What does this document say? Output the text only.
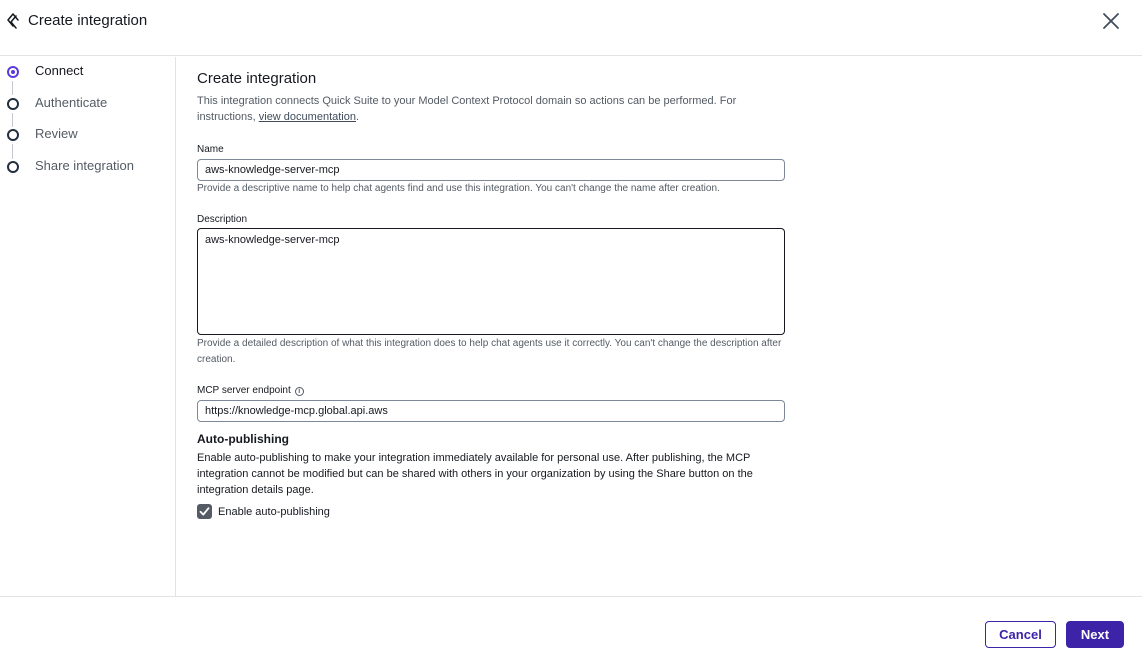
Create integration
Connect
Authenticate
Review
Share integration
Create integration
This integration connects Quick Suite to your Model Context Protocol domain so actions can be performed. For instructions, view documentation.
Name
aws-knowledge-server-mcp
Provide a descriptive name to help chat agents find and use this integration. You can't change the name after creation.
Description
aws-knowledge-server-mcp
Provide a detailed description of what this integration does to help chat agents use it correctly. You can't change the description after creation.
MCP server endpoint i
https://knowledge-mcp.global.api.aws
Auto-publishing
Enable auto-publishing to make your integration immediately available for personal use. After publishing, the MCP integration cannot be modified but can be shared with others in your organization by using the Share button on the integration details page.
Enable auto-publishing
Cancel	Next
